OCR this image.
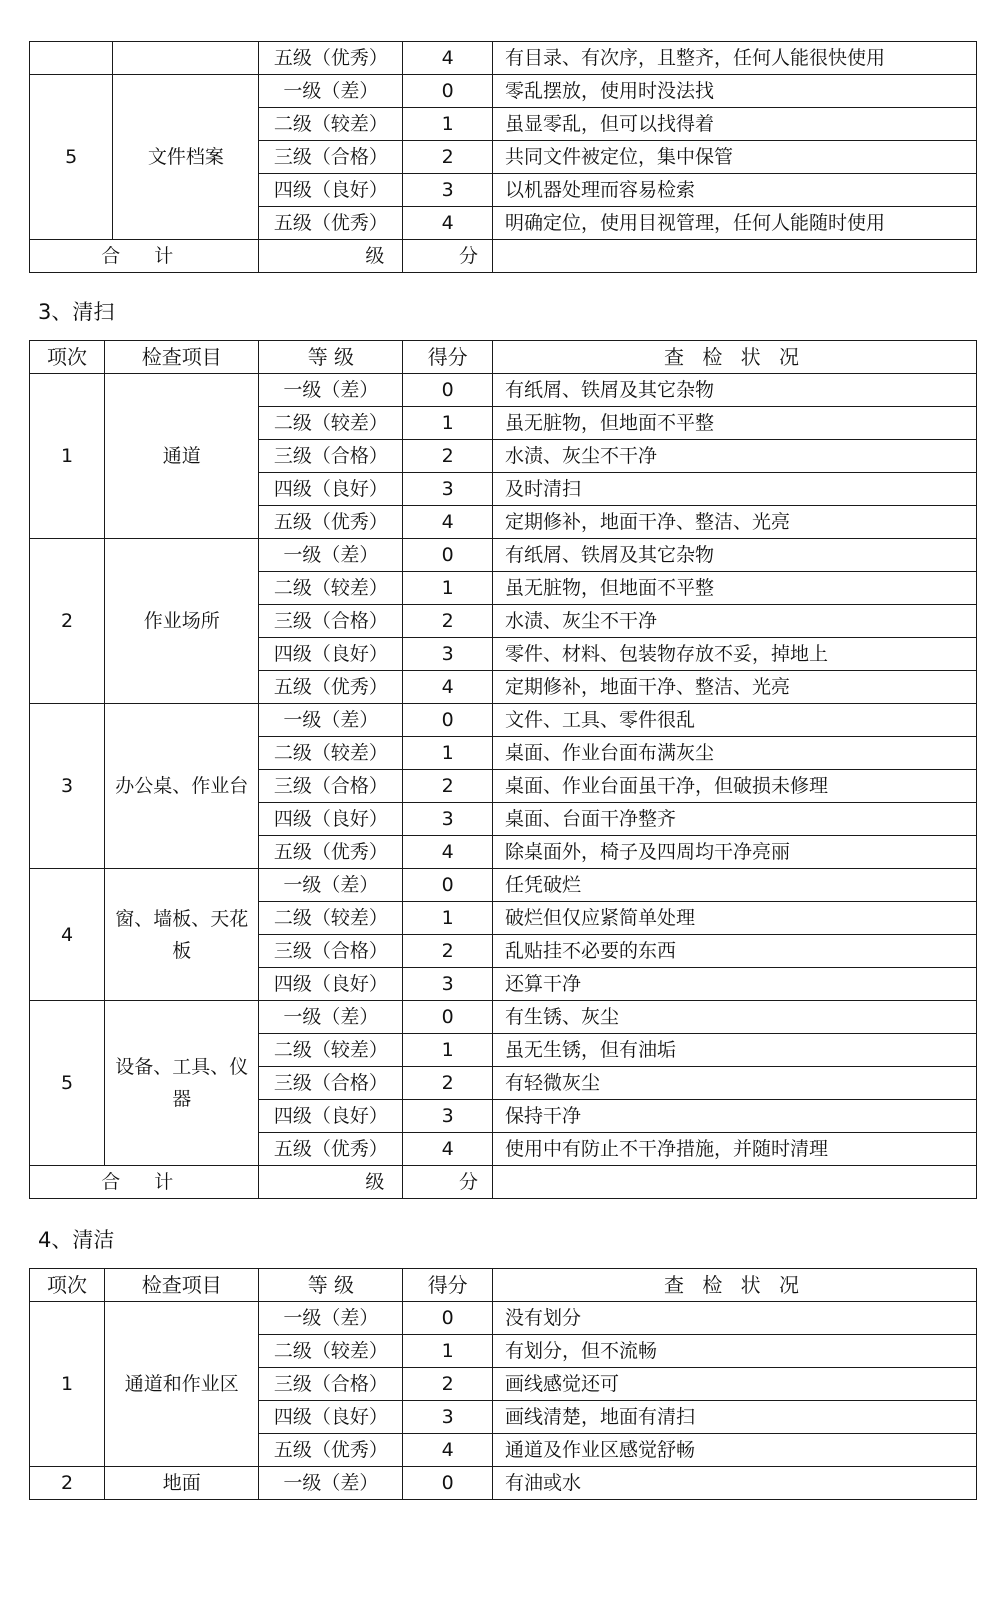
		五级（优秀）	4	有目录、有次序，且整齐，任何人能很快使用
5	文件档案	一级（差）	0	零乱摆放，使用时没法找
		二级（较差）	1	虽显零乱，但可以找得着
		三级（合格）	2	共同文件被定位，集中保管
		四级（良好）	3	以机器处理而容易检索
		五级（优秀）	4	明确定位，使用目视管理，任何人能随时使用
合 计		级	分	
3、清扫
项次	检查项目	等 级	得分	查 检 状 况
1	通道	一级（差）	0	有纸屑、铁屑及其它杂物
		二级（较差）	1	虽无脏物，但地面不平整
		三级（合格）	2	水渍、灰尘不干净
		四级（良好）	3	及时清扫
		五级（优秀）	4	定期修补，地面干净、整洁、光亮
2	作业场所	一级（差）	0	有纸屑、铁屑及其它杂物
		二级（较差）	1	虽无脏物，但地面不平整
		三级（合格）	2	水渍、灰尘不干净
		四级（良好）	3	零件、材料、包装物存放不妥，掉地上
		五级（优秀）	4	定期修补，地面干净、整洁、光亮
3	办公桌、作业台	一级（差）	0	文件、工具、零件很乱
		二级（较差）	1	桌面、作业台面布满灰尘
		三级（合格）	2	桌面、作业台面虽干净，但破损未修理
		四级（良好）	3	桌面、台面干净整齐
		五级（优秀）	4	除桌面外，椅子及四周均干净亮丽
4	窗、墙板、天花板	一级（差）	0	任凭破烂
		二级（较差）	1	破烂但仅应紧简单处理
		三级（合格）	2	乱贴挂不必要的东西
		四级（良好）	3	还算干净
5	设备、工具、仪器	一级（差）	0	有生锈、灰尘
		二级（较差）	1	虽无生锈，但有油垢
		三级（合格）	2	有轻微灰尘
		四级（良好）	3	保持干净
		五级（优秀）	4	使用中有防止不干净措施，并随时清理
合 计		级	分	
4、清洁
项次	检查项目	等 级	得分	查 检 状 况
1	通道和作业区	一级（差）	0	没有划分
		二级（较差）	1	有划分，但不流畅
		三级（合格）	2	画线感觉还可
		四级（良好）	3	画线清楚，地面有清扫
		五级（优秀）	4	通道及作业区感觉舒畅
2	地面	一级（差）	0	有油或水
